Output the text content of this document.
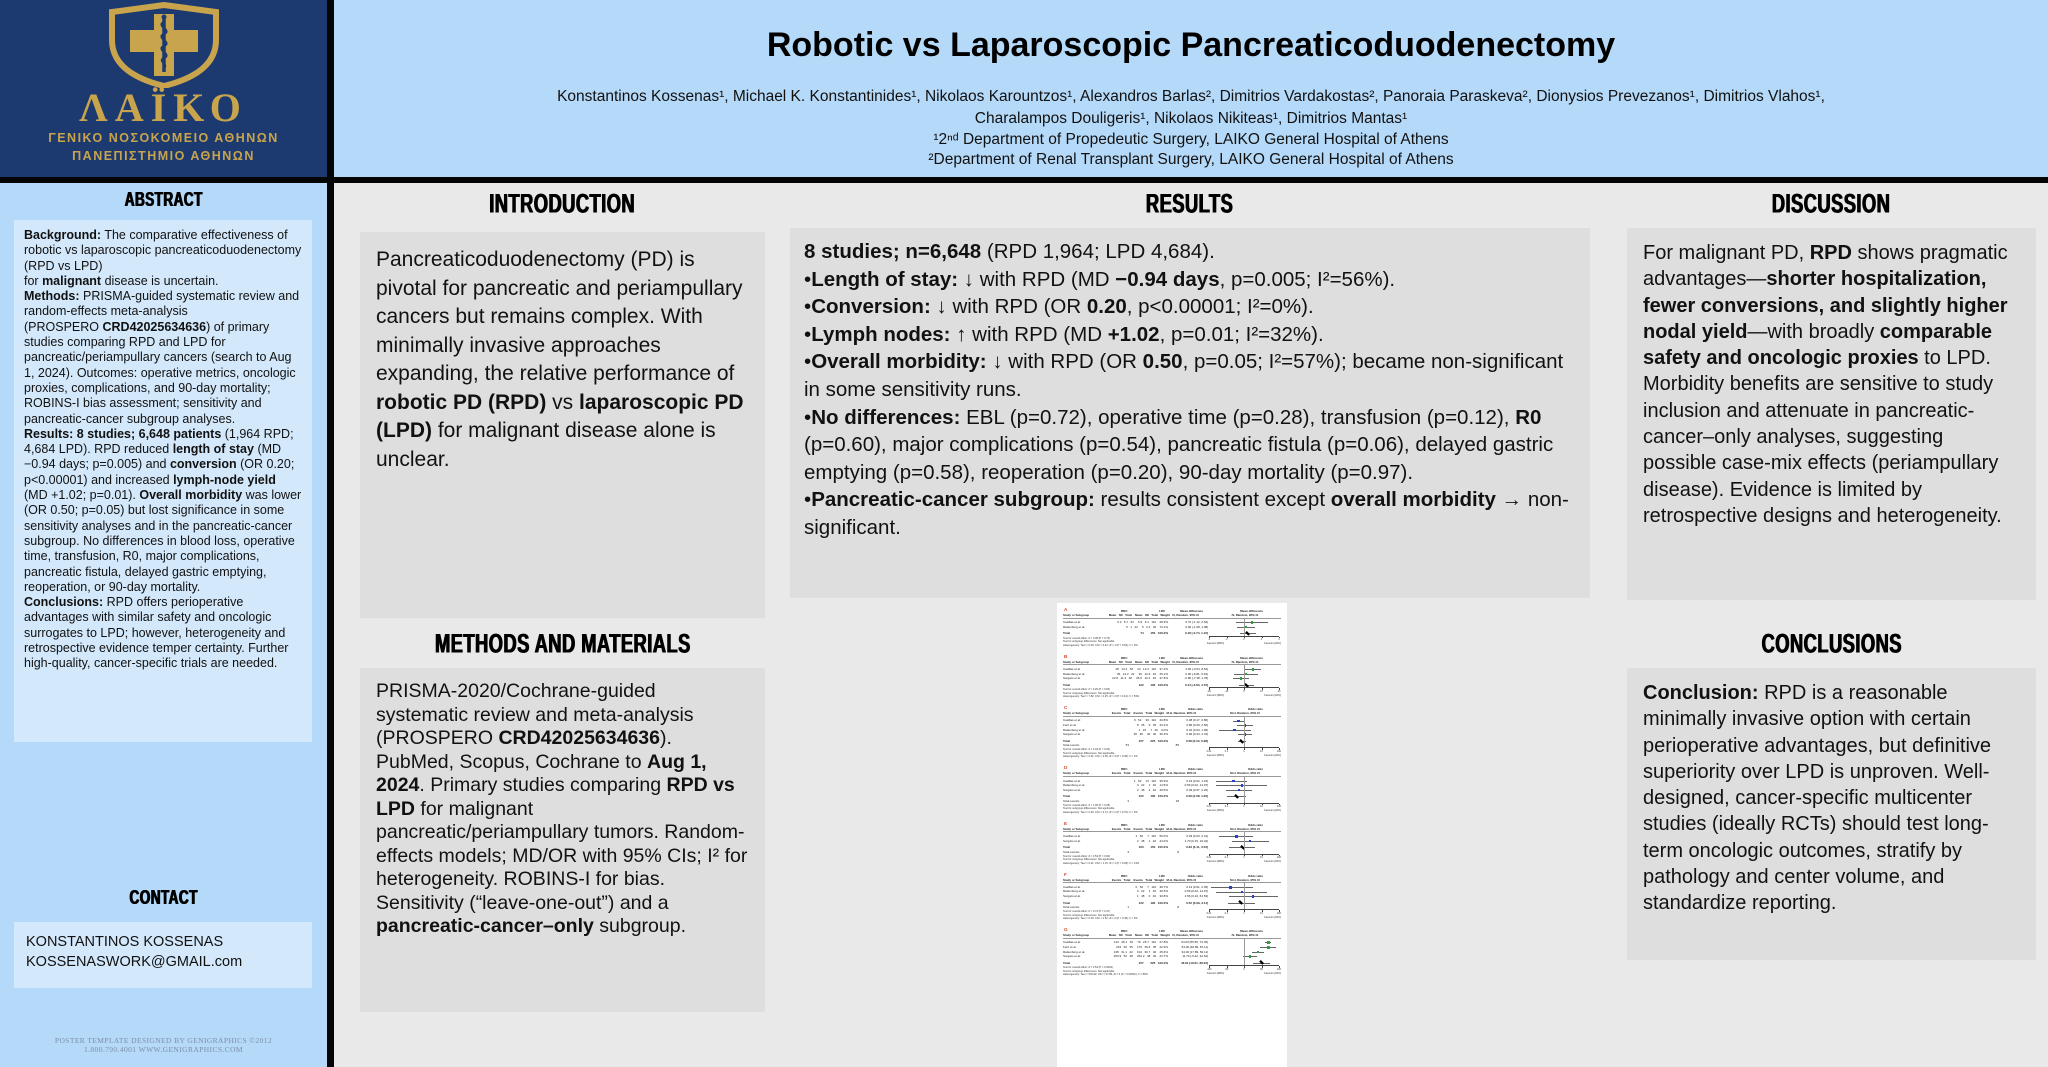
ΛΑΪΚΟ
ΓΕΝΙΚΟ ΝΟΣΟΚΟΜΕΙΟ ΑΘΗΝΩΝ
ΠΑΝΕΠΙΣΤΗΜΙΟ ΑΘΗΝΩΝ
ABSTRACT
Background: The comparative effectiveness of robotic vs laparoscopic pancreaticoduodenectomy (RPD vs LPD)
for malignant disease is uncertain.
Methods: PRISMA-guided systematic review and random-effects meta-analysis
(PROSPERO CRD42025634636) of primary studies comparing RPD and LPD for pancreatic/periampullary cancers (search to Aug 1, 2024). Outcomes: operative metrics, oncologic proxies, complications, and 90-day mortality; ROBINS-I bias assessment; sensitivity and pancreatic-cancer subgroup analyses.
Results: 8 studies; 6,648 patients (1,964 RPD; 4,684 LPD). RPD reduced length of stay (MD −0.94 days; p=0.005) and conversion (OR 0.20; p<0.00001) and increased lymph-node yield (MD +1.02; p=0.01). Overall morbidity was lower (OR 0.50; p=0.05) but lost significance in some sensitivity analyses and in the pancreatic-cancer subgroup. No differences in blood loss, operative time, transfusion, R0, major complications, pancreatic fistula, delayed gastric emptying, reoperation, or 90-day mortality.
Conclusions: RPD offers perioperative advantages with similar safety and oncologic surrogates to LPD; however, heterogeneity and retrospective evidence temper certainty. Further high-quality, cancer-specific trials are needed.
CONTACT
KONSTANTINOS KOSSENAS
KOSSENASWORK@GMAIL.com
POSTER TEMPLATE DESIGNED BY GENIGRAPHICS ©2012
1.800.790.4001 WWW.GENIGRAPHICS.COM
Robotic vs Laparoscopic Pancreaticoduodenectomy
Konstantinos Kossenas¹, Michael K. Konstantinides¹, Nikolaos Karountzos¹, Alexandros Barlas², Dimitrios Vardakostas², Panoraia Paraskeva², Dionysios Prevezanos¹, Dimitrios Vlahos¹,
Charalampos Douligeris¹, Nikolaos Nikiteas¹, Dimitrios Mantas¹
¹2ⁿᵈ Department of Propedeutic Surgery, LAIKO General Hospital of Athens
²Department of Renal Transplant Surgery, LAIKO General Hospital of Athens
INTRODUCTION
Pancreaticoduodenectomy (PD) is pivotal for pancreatic and periampullary cancers but remains complex. With minimally invasive approaches expanding, the relative performance of robotic PD (RPD) vs laparoscopic PD (LPD) for malignant disease alone is unclear.
METHODS AND MATERIALS
PRISMA-2020/Cochrane-guided systematic review and meta-analysis (PROSPERO CRD42025634636). PubMed, Scopus, Cochrane to Aug 1, 2024. Primary studies comparing RPD vs LPD for malignant pancreatic/periampullary tumors. Random-effects models; MD/OR with 95% CIs; I² for heterogeneity. ROBINS-I for bias. Sensitivity (“leave-one-out”) and a pancreatic-cancer–only subgroup.
RESULTS
8 studies; n=6,648 (RPD 1,964; LPD 4,684).
•Length of stay: ↓ with RPD (MD −0.94 days, p=0.005; I²=56%).
•Conversion: ↓ with RPD (OR 0.20, p<0.00001; I²=0%).
•Lymph nodes: ↑ with RPD (MD +1.02, p=0.01; I²=32%).
•Overall morbidity: ↓ with RPD (OR 0.50, p=0.05; I²=57%); became non-significant in some sensitivity runs.
•No differences: EBL (p=0.72), operative time (p=0.28), transfusion (p=0.12), R0 (p=0.60), major complications (p=0.54), pancreatic fistula (p=0.06), delayed gastric emptying (p=0.58), reoperation (p=0.20), 90-day mortality (p=0.97).
•Pancreatic-cancer subgroup: results consistent except overall morbidity → non-significant.
A	RRC	LRC	Mean difference	Mean difference
Study or Subgroup	Mean   SD   Total    Mean   SD   Total   Weight   IV, Random, 95% CI	IV, Random, 95% CI
Casillas et al.	6.2   5.7   52     5.9   6.1   110    28.9%	0.70 [-1.12, 2.52]
Rattenborg et al.	5   1   22     5   2.2   40    74.1%	0.00 [-1.08, 1.08]
Total	74        150   100.0%	0.18 [-0.74, 1.10]
Test for overall effect: Z = 0.38 (P = 0.70)
Test for subgroup differences: Not applicable
Heterogeneity: Tau² = 0.00; Chi² = 0.42, df = 1 (P = 0.52); I² = 0%
-4	-2	0	2	4
Favours [RRC]	Favours [LRC]
B	RRC	LRC	Mean difference	Mean difference
Study or Subgroup	Mean   SD   Total    Mean   SD   Total   Weight   IV, Random, 95% CI	IV, Random, 95% CI
Casillas et al.	28   14.4   52     24   13.3   110    37.2%	4.00 [-0.64, 8.64]
Rattenborg et al.	36   13.2   22     36   12.9   40    25.1%	0.00 [-6.81, 6.81]
Sorgato et al.	22.8   11.3   48     25.6   10.4   40    37.6%	-2.80 [-7.38, 1.78]
Total	122        190   100.0%	0.44 [-3.84, 4.72]
Test for overall effect: Z = 0.20 (P = 0.84)
Test for subgroup differences: Not applicable
Heterogeneity: Tau² = 7.82; Chi² = 4.25, df = 2 (P = 0.12); I² = 53%
-20	-10	0	10	20
Favours [RRC]	Favours [LRC]
C	RRC	LRC	Odds ratio	Odds ratio
Study or Subgroup	Events   Total    Events   Total   Weight   M-H, Random, 95% CI	M-H, Random, 95% CI
Casillas et al.	9   52     39   110    40.8%	0.38 [0.17, 0.86]
Ferri et al.	8   35     9   35    23.1%	0.86 [0.29, 2.56]
Rattenborg et al.	1   22     7   40    6.0%	0.22 [0.03, 1.96]
Sorgato et al.	35   48     30   40    30.3%	0.90 [0.34, 2.34]
Total	157        225   100.0%	0.58 [0.34, 0.98]
Total events:	53	85
Test for overall effect: Z = 2.04 (P = 0.04)
Test for subgroup differences: Not applicable
Heterogeneity: Tau² = 0.01; Chi² = 3.05, df = 3 (P = 0.38); I² = 2%
0.01	0.1	1	10	100
Favours [RRC]	Favours [LRC]
D	RRC	LRC	Odds ratio	Odds ratio
Study or Subgroup	Events   Total    Events   Total   Weight   M-H, Random, 95% CI	M-H, Random, 95% CI
Casillas et al.	1   52     13   110    35.9%	0.19 [0.02, 1.15]
Rattenborg et al.	0   22     1   40    14.5%	0.59 [0.02, 14.97]
Sorgato et al.	2   48     4   40    49.6%	0.39 [0.07, 2.26]
Total	122        190   100.0%	0.29 [0.08, 1.00]
Total events:	3	18
Test for overall effect: Z = 1.96 (P = 0.05)
Test for subgroup differences: Not applicable
Heterogeneity: Tau² = 0.00; Chi² = 0.72, df = 2 (P = 0.70); I² = 0%
0.01	0.1	1	10	100
Favours [RRC]	Favours [LRC]
E	RRC	LRC	Odds ratio	Odds ratio
Study or Subgroup	Events   Total    Events   Total   Weight   M-H, Random, 95% CI	M-H, Random, 95% CI
Casillas et al.	1   52     7   110    56.0%	0.29 [0.03, 2.41]
Sorgato et al.	2   48     1   40    44.0%	1.70 [0.15, 19.42]
Total	100        150   100.0%	0.63 [0.11, 3.52]
Total events:	3	8
Test for overall effect: Z = 0.53 (P = 0.60)
Test for subgroup differences: Not applicable
Heterogeneity: Tau² = 0.21; Chi² = 1.15, df = 1 (P = 0.28); I² = 13%
0.01	0.1	1	10	100
Favours [RRC]	Favours [LRC]
F	RRC	LRC	Odds ratio	Odds ratio
Study or Subgroup	Events   Total    Events   Total   Weight   M-H, Random, 95% CI	M-H, Random, 95% CI
Casillas et al.	0   52     7   110    38.7%	0.13 [0.01, 2.35]
Rattenborg et al.	0   22     1   40    30.5%	0.59 [0.02, 14.97]
Sorgato et al.	1   48     0   40    30.8%	2.56 [0.10, 64.53]
Total	122        190   100.0%	0.52 [0.09, 3.11]
Total events:	1	8
Test for overall effect: Z = 0.72 (P = 0.47)
Test for subgroup differences: Not applicable
Heterogeneity: Tau² = 0.00; Chi² = 1.62, df = 2 (P = 0.45); I² = 0%
0.01	0.1	1	10	100
Favours [RRC]	Favours [LRC]
G	RRC	LRC	Mean difference	Mean difference
Study or Subgroup	Mean   SD   Total    Mean   SD   Total   Weight   IV, Random, 95% CI	IV, Random, 95% CI
Casillas et al.	143   25.1   52     79   26.7   110    27.8%	64.00 [55.55, 72.45]
Ferri et al.	243   60   35     179   35.6   35    22.9%	64.00 [40.89, 87.11]
Rattenborg et al.	138   31.1   22     104   30.7   40    25.6%	34.00 [17.89, 50.11]
Sorgato et al.	260.9   52   48     254.2   48   40    23.7%	11.70 [-9.22, 32.62]
Total	157        225   100.0%	43.91 [19.61, 68.22]
Test for overall effect: Z = 3.54 (P = 0.0004)
Test for subgroup differences: Not applicable
Heterogeneity: Tau² = 533.92; Chi² = 27.89, df = 3 (P < 0.00001); I² = 89%
-100	-50	0	50	100
Favours [RRC]	Favours [LRC]
DISCUSSION
For malignant PD, RPD shows pragmatic advantages—shorter hospitalization, fewer conversions, and slightly higher nodal yield—with broadly comparable safety and oncologic proxies to LPD. Morbidity benefits are sensitive to study inclusion and attenuate in pancreatic-cancer–only analyses, suggesting possible case-mix effects (periampullary disease). Evidence is limited by retrospective designs and heterogeneity.
CONCLUSIONS
Conclusion: RPD is a reasonable minimally invasive option with certain perioperative advantages, but definitive superiority over LPD is unproven. Well-designed, cancer-specific multicenter studies (ideally RCTs) should test long-term oncologic outcomes, stratify by pathology and center volume, and standardize reporting.
